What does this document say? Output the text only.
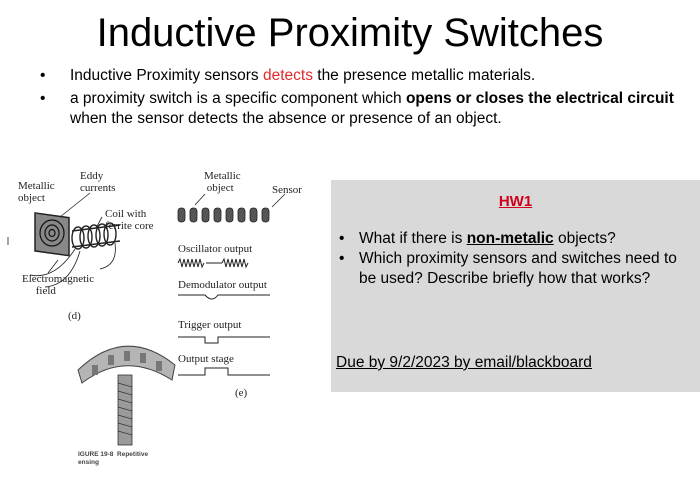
Inductive Proximity Switches
• Inductive Proximity sensors detects the presence metallic materials.
• a proximity switch is a specific component which opens or closes the electrical circuit when the sensor detects the absence or presence of an object.
Metallic
object
Eddy
currents
Coil with
ferrite core
Electromagnetic
field
(d)
Metallic
object	Sensor
Oscillator output
Demodulator output
Trigger output
Output stage
(e)
IGURE 19-8  Repetitive
ensing
HW1
• What if there is non-metalic objects?
• Which proximity sensors and switches need to be used? Describe briefly how that works?
Due by 9/2/2023 by email/blackboard
